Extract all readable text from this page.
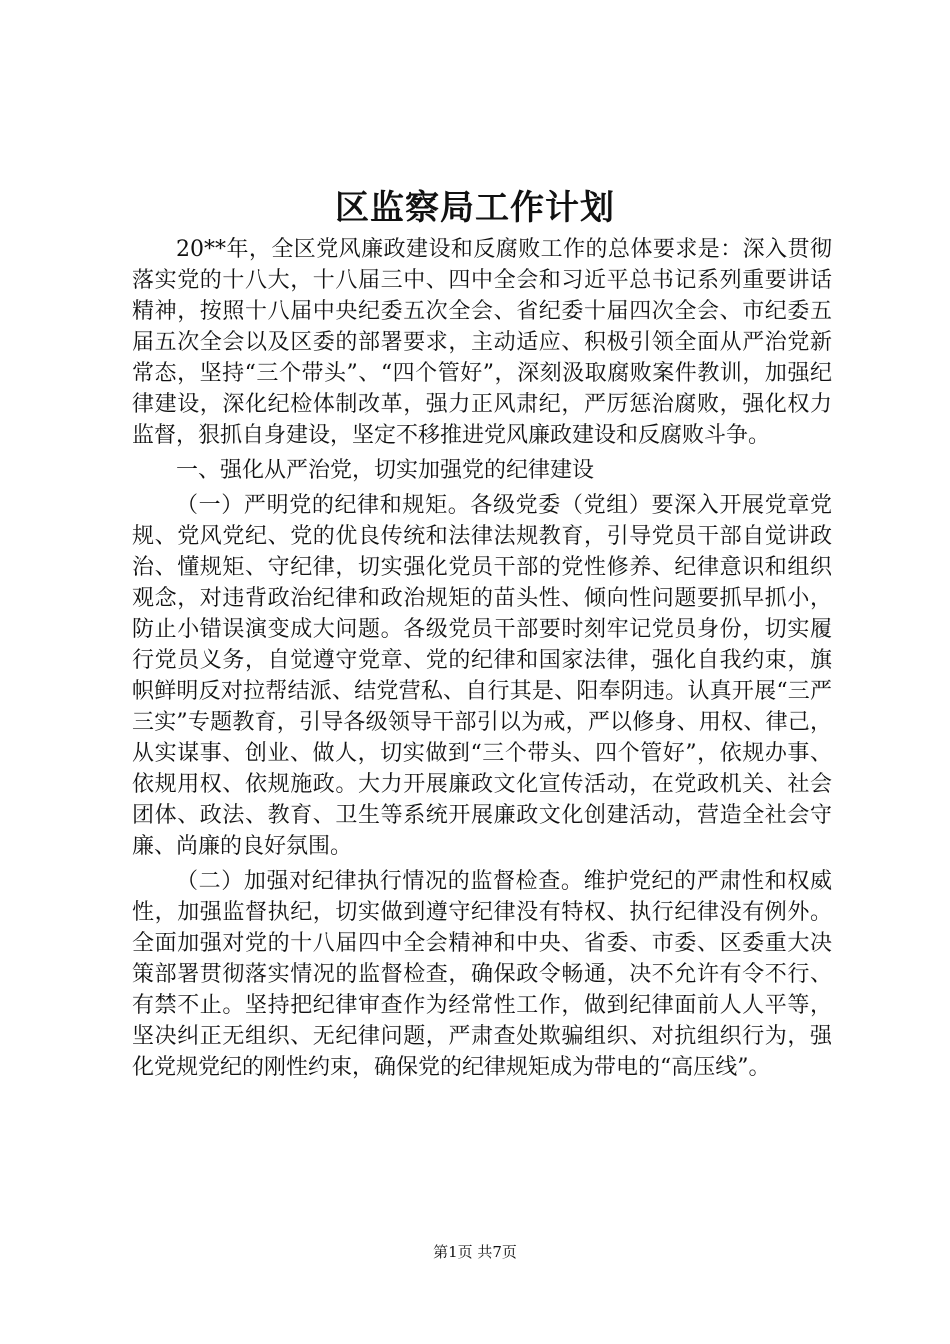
区监察局工作计划

20**年，全区党风廉政建设和反腐败工作的总体要求是：深入贯彻落实党的十八大，十八届三中、四中全会和习近平总书记系列重要讲话精神，按照十八届中央纪委五次全会、省纪委十届四次全会、市纪委五届五次全会以及区委的部署要求，主动适应、积极引领全面从严治党新常态，坚持“三个带头”、“四个管好”，深刻汲取腐败案件教训，加强纪律建设，深化纪检体制改革，强力正风肃纪，严厉惩治腐败，强化权力监督，狠抓自身建设，坚定不移推进党风廉政建设和反腐败斗争。

一、强化从严治党，切实加强党的纪律建设

（一）严明党的纪律和规矩。各级党委（党组）要深入开展党章党规、党风党纪、党的优良传统和法律法规教育，引导党员干部自觉讲政治、懂规矩、守纪律，切实强化党员干部的党性修养、纪律意识和组织观念，对违背政治纪律和政治规矩的苗头性、倾向性问题要抓早抓小，防止小错误演变成大问题。各级党员干部要时刻牢记党员身份，切实履行党员义务，自觉遵守党章、党的纪律和国家法律，强化自我约束，旗帜鲜明反对拉帮结派、结党营私、自行其是、阳奉阴违。认真开展“三严三实”专题教育，引导各级领导干部引以为戒，严以修身、用权、律己，从实谋事、创业、做人，切实做到“三个带头、四个管好”，依规办事、依规用权、依规施政。大力开展廉政文化宣传活动，在党政机关、社会团体、政法、教育、卫生等系统开展廉政文化创建活动，营造全社会守廉、尚廉的良好氛围。

（二）加强对纪律执行情况的监督检查。维护党纪的严肃性和权威性，加强监督执纪，切实做到遵守纪律没有特权、执行纪律没有例外。全面加强对党的十八届四中全会精神和中央、省委、市委、区委重大决策部署贯彻落实情况的监督检查，确保政令畅通，决不允许有令不行、有禁不止。坚持把纪律审查作为经常性工作，做到纪律面前人人平等，坚决纠正无组织、无纪律问题，严肃查处欺骗组织、对抗组织行为，强化党规党纪的刚性约束，确保党的纪律规矩成为带电的“高压线”。

第1页 共7页
